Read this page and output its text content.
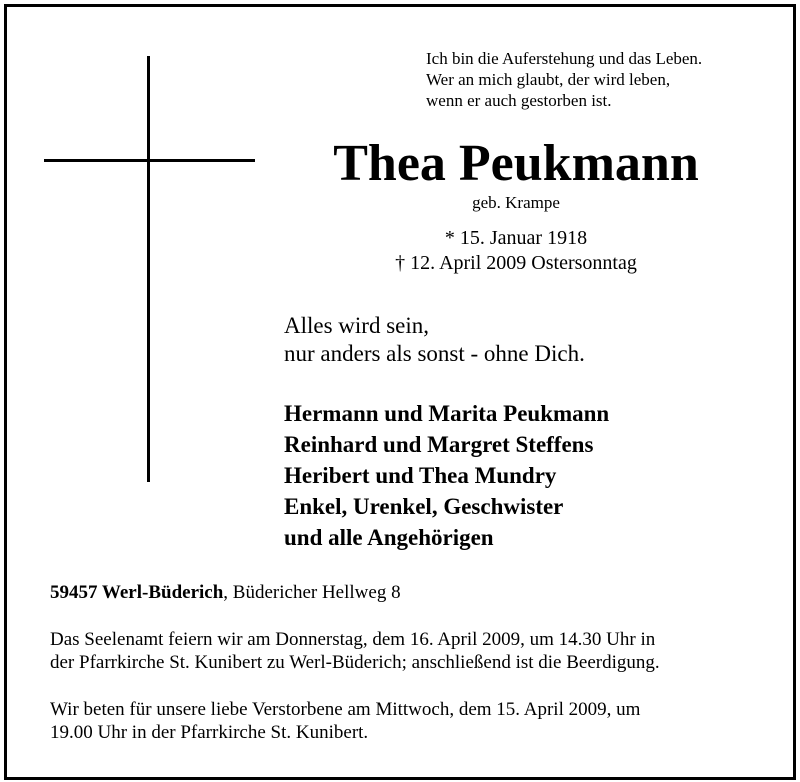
Ich bin die Auferstehung und das Leben.
Wer an mich glaubt, der wird leben,
wenn er auch gestorben ist.
Thea Peukmann
geb. Krampe
* 15. Januar 1918
† 12. April 2009 Ostersonntag
Alles wird sein,
nur anders als sonst - ohne Dich.
Hermann und Marita Peukmann
Reinhard und Margret Steffens
Heribert und Thea Mundry
Enkel, Urenkel, Geschwister
und alle Angehörigen
59457 Werl-Büderich, Büdericher Hellweg 8
Das Seelenamt feiern wir am Donnerstag, dem 16. April 2009, um 14.30 Uhr in
der Pfarrkirche St. Kunibert zu Werl-Büderich; anschließend ist die Beerdigung.
Wir beten für unsere liebe Verstorbene am Mittwoch, dem 15. April 2009, um
19.00 Uhr in der Pfarrkirche St. Kunibert.
